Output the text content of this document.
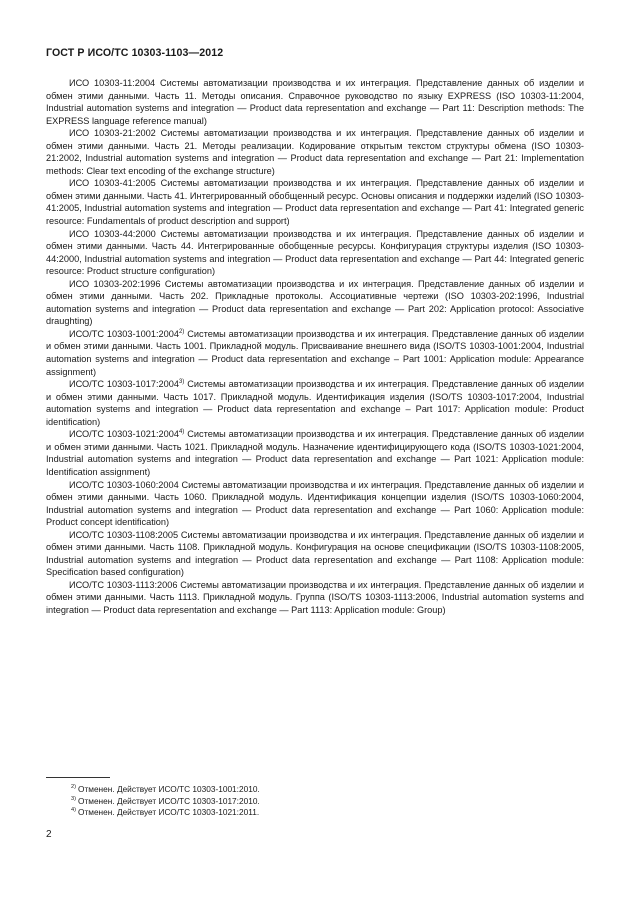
ГОСТ Р ИСО/ТС 10303-1103—2012

ИСО 10303-11:2004 Системы автоматизации производства и их интеграция. Представление данных об изделии и обмен этими данными. Часть 11. Методы описания. Справочное руководство по языку EXPRESS (ISO 10303-11:2004, Industrial automation systems and integration — Product data representation and exchange — Part 11: Description methods: The EXPRESS language reference manual)

ИСО 10303-21:2002 Системы автоматизации производства и их интеграция. Представление данных об изделии и обмен этими данными. Часть 21. Методы реализации. Кодирование открытым текстом структуры обмена (ISO 10303-21:2002, Industrial automation systems and integration — Product data representation and exchange — Part 21: Implementation methods: Clear text encoding of the exchange structure)

ИСО 10303-41:2005 Системы автоматизации производства и их интеграция. Представление данных об изделии и обмен этими данными. Часть 41. Интегрированный обобщенный ресурс. Основы описания и поддержки изделий (ISO 10303-41:2005, Industrial automation systems and integration — Product data representation and exchange — Part 41: Integrated generic resource: Fundamentals of product description and support)

ИСО 10303-44:2000 Системы автоматизации производства и их интеграция. Представление данных об изделии и обмен этими данными. Часть 44. Интегрированные обобщенные ресурсы. Конфигурация структуры изделия (ISO 10303-44:2000, Industrial automation systems and integration — Product data representation and exchange — Part 44: Integrated generic resource: Product structure configuration)

ИСО 10303-202:1996 Системы автоматизации производства и их интеграция. Представление данных об изделии и обмен этими данными. Часть 202. Прикладные протоколы. Ассоциативные чертежи (ISO 10303-202:1996, Industrial automation systems and integration — Product data representation and exchange — Part 202: Application protocol: Associative draughting)

ИСО/ТС 10303-1001:2004$^{2)}$ Системы автоматизации производства и их интеграция. Представление данных об изделии и обмен этими данными. Часть 1001. Прикладной модуль. Присваивание внешнего вида (ISO/TS 10303-1001:2004, Industrial automation systems and integration — Product data representation and exchange – Part 1001: Application module: Appearance assignment)

ИСО/ТС 10303-1017:2004$^{3)}$ Системы автоматизации производства и их интеграция. Представление данных об изделии и обмен этими данными. Часть 1017. Прикладной модуль. Идентификация изделия (ISO/TS 10303-1017:2004, Industrial automation systems and integration — Product data representation and exchange – Part 1017: Application module: Product identification)

ИСО/ТС 10303-1021:2004$^{4)}$ Системы автоматизации производства и их интеграция. Представление данных об изделии и обмен этими данными. Часть 1021. Прикладной модуль. Назначение идентифицирующего кода (ISO/TS 10303-1021:2004, Industrial automation systems and integration — Product data representation and exchange — Part 1021: Application module: Identification assignment)

ИСО/ТС 10303-1060:2004 Системы автоматизации производства и их интеграция. Представление данных об изделии и обмен этими данными. Часть 1060. Прикладной модуль. Идентификация концепции изделия (ISO/TS 10303-1060:2004, Industrial automation systems and integration — Product data representation and exchange — Part 1060: Application module: Product concept identification)

ИСО/ТС 10303-1108:2005 Системы автоматизации производства и их интеграция. Представление данных об изделии и обмен этими данными. Часть 1108. Прикладной модуль. Конфигурация на основе спецификации (ISO/TS 10303-1108:2005, Industrial automation systems and integration — Product data representation and exchange — Part 1108: Application module: Specification based configuration)

ИСО/ТС 10303-1113:2006 Системы автоматизации производства и их интеграция. Представление данных об изделии и обмен этими данными. Часть 1113. Прикладной модуль. Группа (ISO/TS 10303-1113:2006, Industrial automation systems and integration — Product data representation and exchange — Part 1113: Application module: Group)

$^{2)}$ Отменен. Действует ИСО/ТС 10303-1001:2010.
$^{3)}$ Отменен. Действует ИСО/ТС 10303-1017:2010.
$^{4)}$ Отменен. Действует ИСО/ТС 10303-1021:2011.
2
